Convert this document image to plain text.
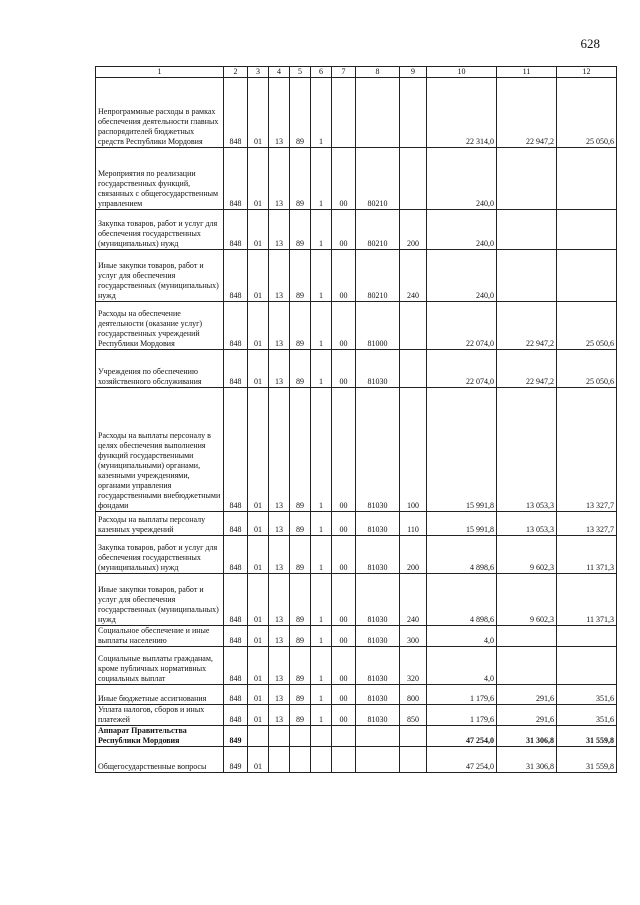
628
1	2	3	4	5	6	7	8	9	10	11	12
Непрограммные расходы в рамках обеспечения деятельности главных распорядителей бюджетных средств Республики Мордовия	848	01	13	89	1				22 314,0	22 947,2	25 050,6
Мероприятия по реализации государственных функций, связанных с общегосударственным управлением	848	01	13	89	1	00	80210		240,0		
Закупка товаров, работ и услуг для обеспечения государственных (муниципальных) нужд	848	01	13	89	1	00	80210	200	240,0		
Иные закупки товаров, работ и услуг для обеспечения государственных (муниципальных) нужд	848	01	13	89	1	00	80210	240	240,0		
Расходы на обеспечение деятельности (оказание услуг) государственных учреждений Республики Мордовия	848	01	13	89	1	00	81000		22 074,0	22 947,2	25 050,6
Учреждения по обеспечению хозяйственного обслуживания	848	01	13	89	1	00	81030		22 074,0	22 947,2	25 050,6
Расходы на выплаты персоналу в целях обеспечения выполнения функций государственными (муниципальными) органами, казенными учреждениями, органами управления государственными внебюджетными фондами	848	01	13	89	1	00	81030	100	15 991,8	13 053,3	13 327,7
Расходы на выплаты персоналу казенных учреждений	848	01	13	89	1	00	81030	110	15 991,8	13 053,3	13 327,7
Закупка товаров, работ и услуг для обеспечения государственных (муниципальных) нужд	848	01	13	89	1	00	81030	200	4 898,6	9 602,3	11 371,3
Иные закупки товаров, работ и услуг для обеспечения государственных (муниципальных) нужд	848	01	13	89	1	00	81030	240	4 898,6	9 602,3	11 371,3
Социальное обеспечение и иные выплаты населению	848	01	13	89	1	00	81030	300	4,0		
Социальные выплаты гражданам, кроме публичных нормативных социальных выплат	848	01	13	89	1	00	81030	320	4,0		
Иные бюджетные ассигнования	848	01	13	89	1	00	81030	800	1 179,6	291,6	351,6
Уплата налогов, сборов и иных платежей	848	01	13	89	1	00	81030	850	1 179,6	291,6	351,6
Аппарат Правительства Республики Мордовия	849								47 254,0	31 306,8	31 559,8
Общегосударственные вопросы	849	01							47 254,0	31 306,8	31 559,8
